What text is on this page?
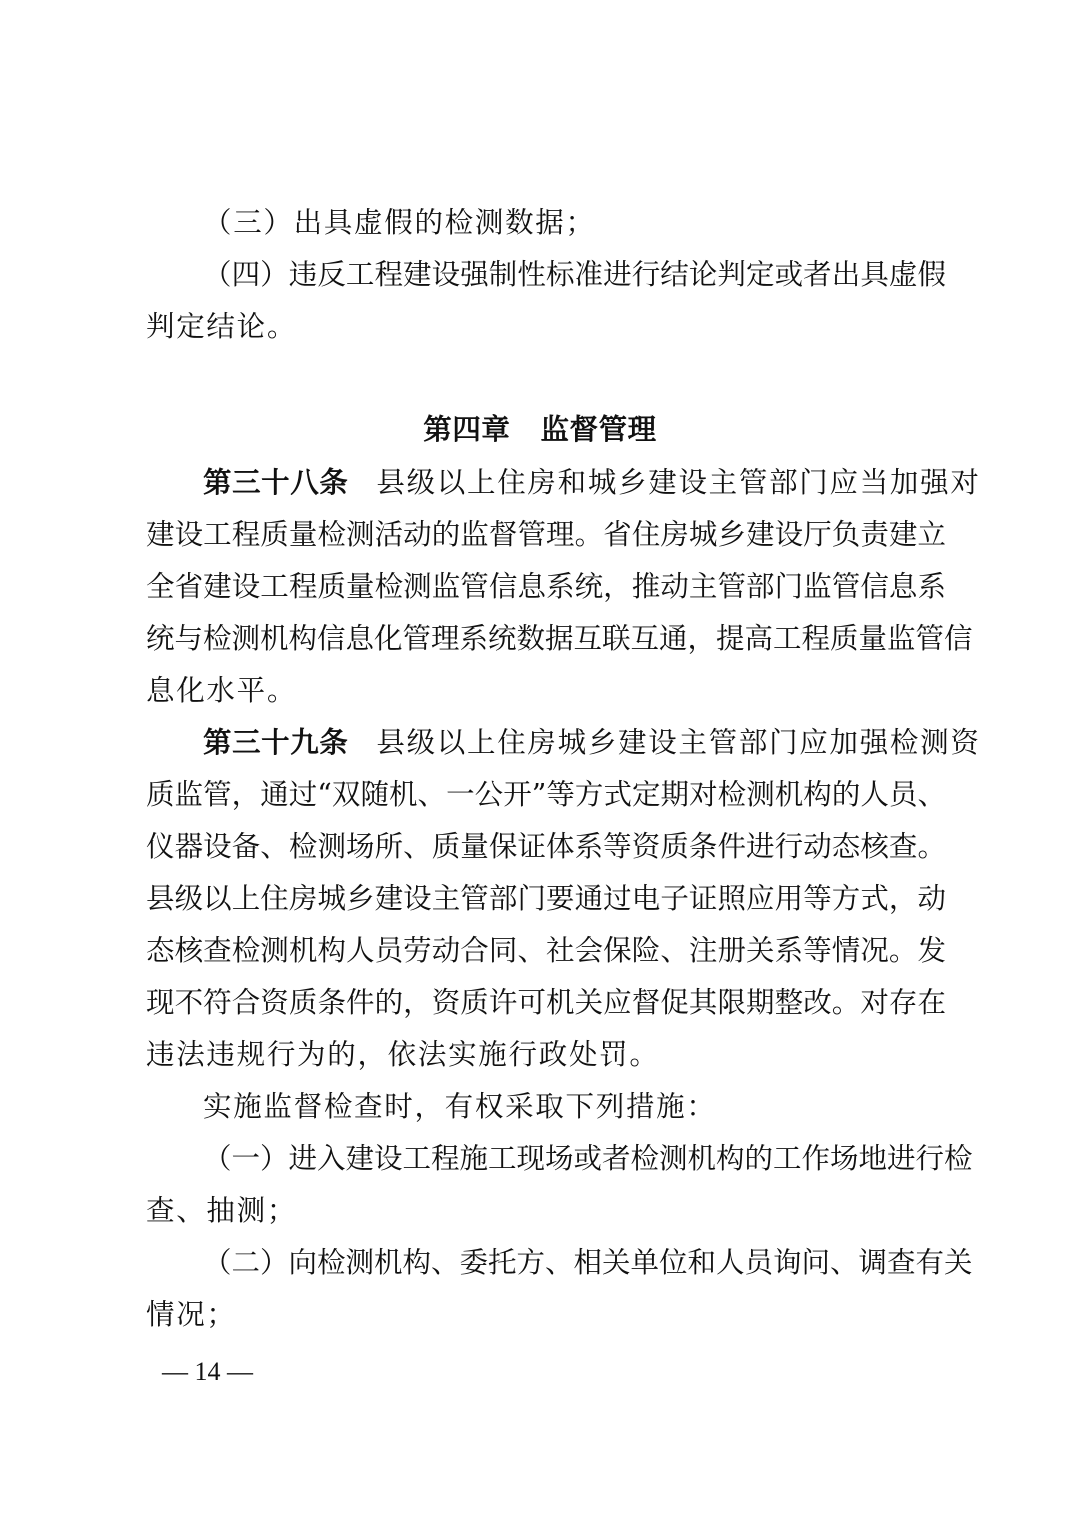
（三）出具虚假的检测数据；
（四）违反工程建设强制性标准进行结论判定或者出具虚假
判定结论。
第四章 监督管理
第三十八条 县级以上住房和城乡建设主管部门应当加强对
建设工程质量检测活动的监督管理。省住房城乡建设厅负责建立
全省建设工程质量检测监管信息系统，推动主管部门监管信息系
统与检测机构信息化管理系统数据互联互通，提高工程质量监管信
息化水平。
第三十九条 县级以上住房城乡建设主管部门应加强检测资
质监管，通过“双随机、一公开”等方式定期对检测机构的人员、
仪器设备、检测场所、质量保证体系等资质条件进行动态核查。
县级以上住房城乡建设主管部门要通过电子证照应用等方式，动
态核查检测机构人员劳动合同、社会保险、注册关系等情况。发
现不符合资质条件的，资质许可机关应督促其限期整改。对存在
违法违规行为的，依法实施行政处罚。
实施监督检查时，有权采取下列措施：
（一）进入建设工程施工现场或者检测机构的工作场地进行检
查、抽测；
（二）向检测机构、委托方、相关单位和人员询问、调查有关
情况；
— 14 —
